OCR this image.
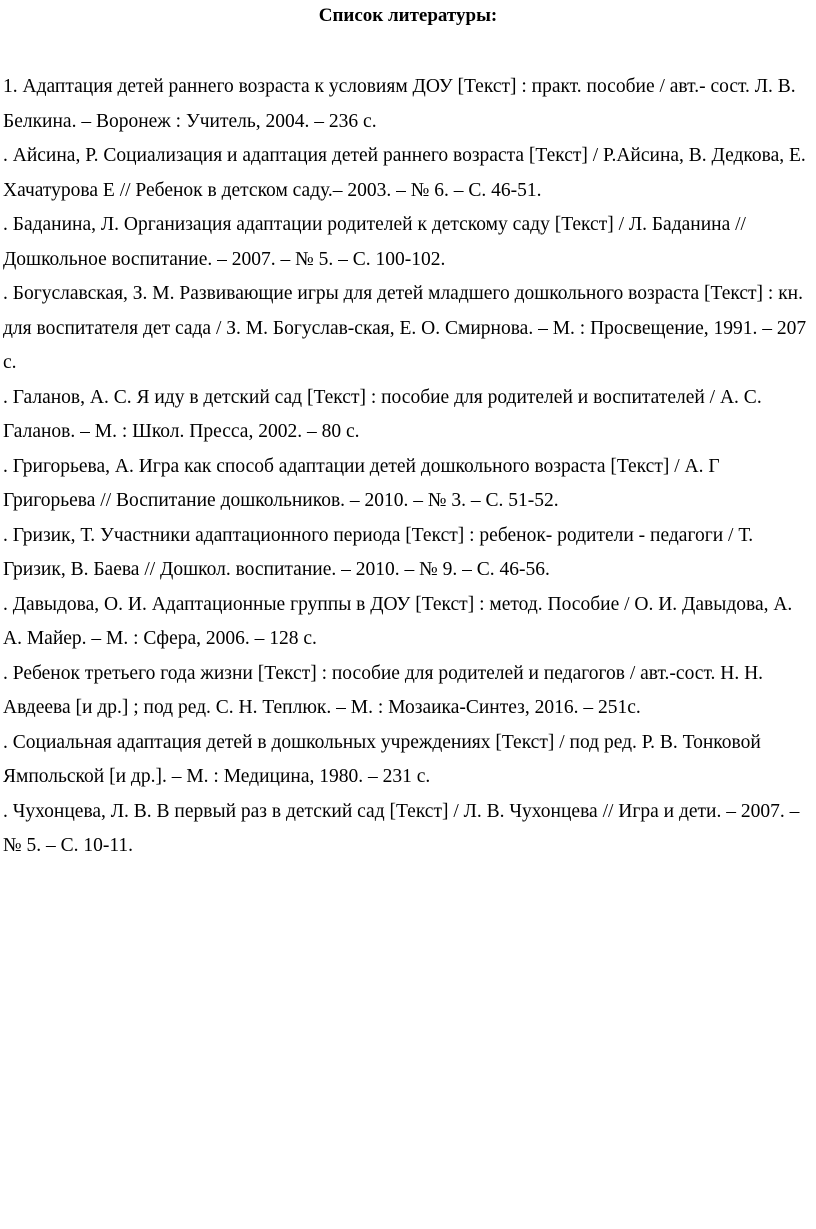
Список литературы:
1. Адаптация детей раннего возраста к условиям ДОУ [Текст] : практ. пособие / авт.- сост. Л. В. Белкина. – Воронеж : Учитель, 2004. – 236 с.
. Айсина, Р. Социализация и адаптация детей раннего возраста [Текст] / Р.Айсина, В. Дедкова, Е. Хачатурова Е // Ребенок в детском саду.– 2003. – № 6. – С. 46-51.
. Баданина, Л. Организация адаптации родителей к детскому саду [Текст] / Л. Баданина // Дошкольное воспитание. – 2007. – № 5. – С. 100-102.
. Богуславская, З. М. Развивающие игры для детей младшего дошкольного возраста [Текст] : кн. для воспитателя дет сада / З. М. Богуслав-ская, Е. О. Смирнова. – М. : Просвещение, 1991. – 207 с.
. Галанов, А. С. Я иду в детский сад [Текст] : пособие для родителей и воспитателей / А. С. Галанов. – М. : Школ. Пресса, 2002. – 80 с.
. Григорьева, А. Игра как способ адаптации детей дошкольного возраста [Текст] / А. Г Григорьева // Воспитание дошкольников. – 2010. – № 3. – С. 51-52.
. Гризик, Т. Участники адаптационного периода [Текст] : ребенок- родители - педагоги / Т. Гризик, В. Баева // Дошкол. воспитание. – 2010. – № 9. – С. 46-56.
. Давыдова, О. И. Адаптационные группы в ДОУ [Текст] : метод. Пособие / О. И. Давыдова, А. А. Майер. – М. : Сфера, 2006. – 128 с.
. Ребенок третьего года жизни [Текст] : пособие для родителей и педагогов / авт.-сост. Н. Н. Авдеева [и др.] ; под ред. С. Н. Теплюк. – М. : Мозаика-Синтез, 2016. – 251с.
. Социальная адаптация детей в дошкольных учреждениях [Текст] / под ред. Р. В. Тонковой Ямпольской [и др.]. – М. : Медицина, 1980. – 231 с.
. Чухонцева, Л. В. В первый раз в детский сад [Текст] / Л. В. Чухонцева // Игра и дети. – 2007. – № 5. – С. 10-11.
